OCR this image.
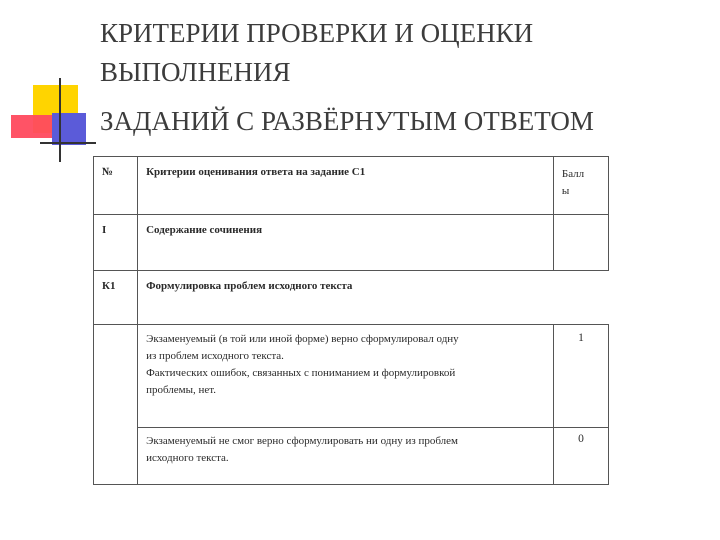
КРИТЕРИИ ПРОВЕРКИ И ОЦЕНКИ
ВЫПОЛНЕНИЯ
ЗАДАНИЙ С РАЗВЁРНУТЫМ ОТВЕТОМ
№	Критерии оценивания ответа на задание С1	Балл
ы

I	Содержание сочинения	

К1	Формулировка проблем исходного текста	

	Экзаменуемый (в той или иной форме) верно сформулировал одну
из проблем исходного текста.
Фактических ошибок, связанных с пониманием и формулировкой
проблемы, нет.	1

	Экзаменуемый не смог верно сформулировать ни одну из проблем
исходного текста.	0
